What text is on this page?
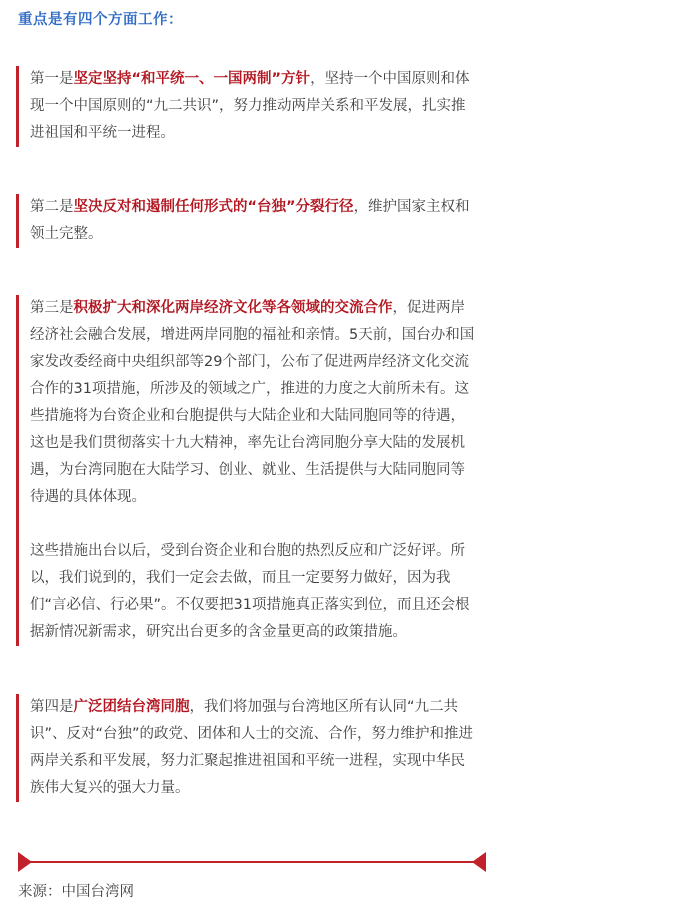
重点是有四个方面工作：

第一是坚定坚持“和平统一、一国两制”方针，坚持一个中国原则和体现一个中国原则的“九二共识”，努力推动两岸关系和平发展，扎实推进祖国和平统一进程。

第二是坚决反对和遏制任何形式的“台独”分裂行径，维护国家主权和领土完整。

第三是积极扩大和深化两岸经济文化等各领域的交流合作，促进两岸经济社会融合发展，增进两岸同胞的福祉和亲情。5天前，国台办和国家发改委经商中央组织部等29个部门，公布了促进两岸经济文化交流合作的31项措施，所涉及的领域之广，推进的力度之大前所未有。这些措施将为台资企业和台胞提供与大陆企业和大陆同胞同等的待遇，这也是我们贯彻落实十九大精神，率先让台湾同胞分享大陆的发展机遇，为台湾同胞在大陆学习、创业、就业、生活提供与大陆同胞同等待遇的具体体现。

这些措施出台以后，受到台资企业和台胞的热烈反应和广泛好评。所以，我们说到的，我们一定会去做，而且一定要努力做好，因为我们“言必信、行必果”。不仅要把31项措施真正落实到位，而且还会根据新情况新需求，研究出台更多的含金量更高的政策措施。

第四是广泛团结台湾同胞，我们将加强与台湾地区所有认同“九二共识”、反对“台独”的政党、团体和人士的交流、合作，努力维护和推进两岸关系和平发展，努力汇聚起推进祖国和平统一进程，实现中华民族伟大复兴的强大力量。

来源：中国台湾网
